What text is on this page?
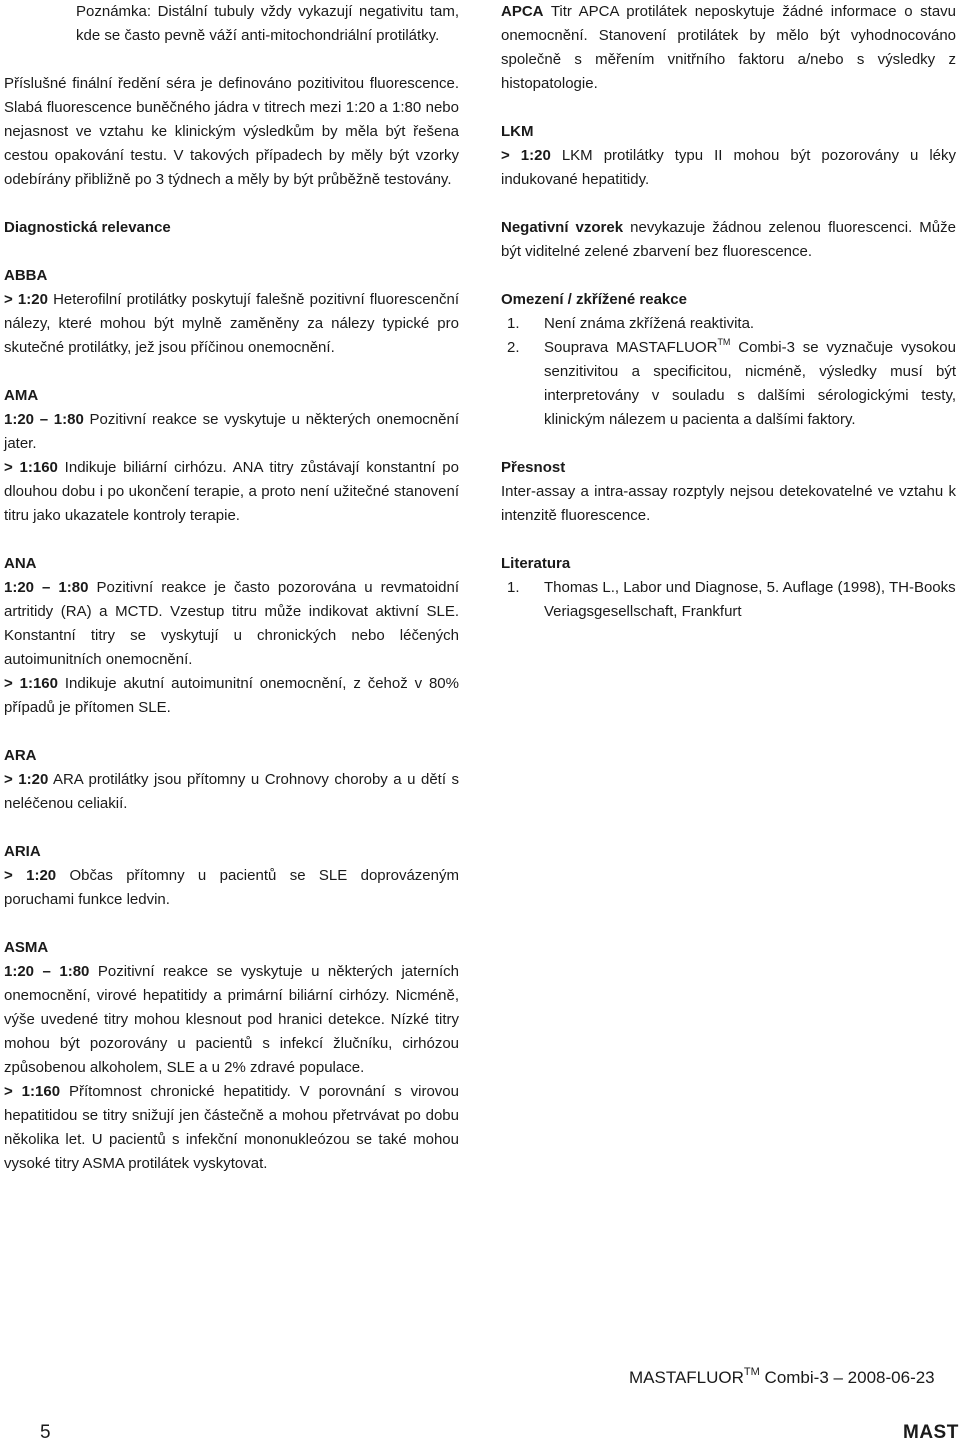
Poznámka: Distální tubuly vždy vykazují negativitu tam, kde se často pevně váží anti-mitochondriální protilátky.

Příslušné finální ředění séra je definováno pozitivitou fluorescence. Slabá fluorescence buněčného jádra v titrech mezi 1:20 a 1:80 nebo nejasnost ve vztahu ke klinickým výsledkům by měla být řešena cestou opakování testu. V takových případech by měly být vzorky odebírány přibližně po 3 týdnech a měly by být průběžně testovány.

Diagnostická relevance

ABBA

> 1:20 Heterofilní protilátky poskytují falešně pozitivní fluorescenční nálezy, které mohou být mylně zaměněny za nálezy typické pro skutečné protilátky, jež jsou příčinou onemocnění.

AMA

1:20 – 1:80 Pozitivní reakce se vyskytuje u některých onemocnění jater.

> 1:160 Indikuje biliární cirhózu. ANA titry zůstávají konstantní po dlouhou dobu i po ukončení terapie, a proto není užitečné stanovení titru jako ukazatele kontroly terapie.

ANA

1:20 – 1:80 Pozitivní reakce je často pozorována u revmatoidní artritidy (RA) a MCTD. Vzestup titru může indikovat aktivní SLE. Konstantní titry se vyskytují u chronických nebo léčených autoimunitních onemocnění.

> 1:160 Indikuje akutní autoimunitní onemocnění, z čehož v 80% případů je přítomen SLE.

ARA

> 1:20 ARA protilátky jsou přítomny u Crohnovy choroby a u dětí s neléčenou celiakií.

ARIA

> 1:20 Občas přítomny u pacientů se SLE doprovázeným poruchami funkce ledvin.

ASMA

1:20 – 1:80 Pozitivní reakce se vyskytuje u některých jaterních onemocnění, virové hepatitidy a primární biliární cirhózy. Nicméně, výše uvedené titry mohou klesnout pod hranici detekce. Nízké titry mohou být pozorovány u pacientů s infekcí žlučníku, cirhózou způsobenou alkoholem, SLE a u 2% zdravé populace.

> 1:160 Přítomnost chronické hepatitidy. V porovnání s virovou hepatitidou se titry snižují jen částečně a mohou přetrvávat po dobu několika let. U pacientů s infekční mononukleózou se také mohou vysoké titry ASMA protilátek vyskytovat.

APCA Titr APCA protilátek neposkytuje žádné informace o stavu onemocnění. Stanovení protilátek by mělo být vyhodnocováno společně s měřením vnitřního faktoru a/nebo s výsledky z histopatologie.

LKM

> 1:20 LKM protilátky typu II mohou být pozorovány u léky indukované hepatitidy.

Negativní vzorek nevykazuje žádnou zelenou fluorescenci. Může být viditelné zelené zbarvení bez fluorescence.

Omezení / zkřížené reakce

1. Není známa zkřížená reaktivita.
2. Souprava MASTAFLUOR™ Combi-3 se vyznačuje vysokou senzitivitou a specificitou, nicméně, výsledky musí být interpretovány v souladu s dalšími sérologickými testy, klinickým nálezem u pacienta a dalšími faktory.

Přesnost

Inter-assay a intra-assay rozptyly nejsou detekovatelné ve vztahu k intenzitě fluorescence.

Literatura

1. Thomas L., Labor und Diagnose, 5. Auflage (1998), TH-Books Veriagsgesellschaft, Frankfurt
MASTAFLUOR™ Combi-3 – 2008-06-23
5	MAST
